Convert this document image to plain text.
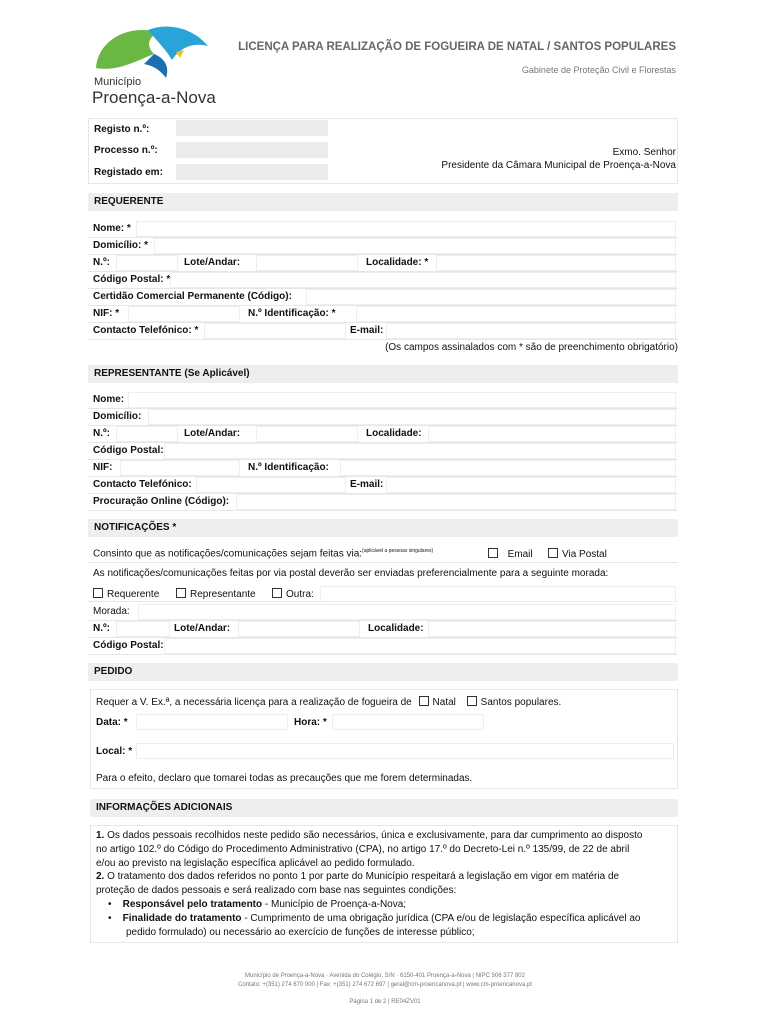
Município
Proença-a-Nova
LICENÇA PARA REALIZAÇÃO DE FOGUEIRA DE NATAL / SANTOS POPULARES
Gabinete de Proteção Civil e Florestas
Registo n.º:
Processo n.º:
Registado em:
Exmo. Senhor
Presidente da Câmara Municipal de Proença-a-Nova
REQUERENTE
Nome: *
Domicílio: *
N.º:	Lote/Andar:	Localidade: *
Código Postal: *
Certidão Comercial Permanente (Código):
NIF: *	N.º Identificação: *
Contacto Telefónico: *	E-mail:
(Os campos assinalados com * são de preenchimento obrigatório)
REPRESENTANTE (Se Aplicável)
Nome:
Domicílio:
N.º:	Lote/Andar:	Localidade:
Código Postal:
NIF:	N.º Identificação:
Contacto Telefónico:	E-mail:
Procuração Online (Código):
NOTIFICAÇÕES *
Consinto que as notificações/comunicações sejam feitas via:$^{(aplicável a pessoas singulares)}$	Email	Via Postal
As notificações/comunicações feitas por via postal deverão ser enviadas preferencialmente para a seguinte morada:
Requerente	Representante	Outra:
Morada:
N.º:	Lote/Andar:	Localidade:
Código Postal:
PEDIDO
Requer a V. Ex.ª, a necessária licença para a realização de fogueira de Natal Santos populares.
Data: *	Hora: *
Local: *
Para o efeito, declaro que tomarei todas as precauções que me forem determinadas.
INFORMAÇÕES ADICIONAIS
1. Os dados pessoais recolhidos neste pedido são necessários, única e exclusivamente, para dar cumprimento ao disposto
no artigo 102.º do Código do Procedimento Administrativo (CPA), no artigo 17.º do Decreto-Lei n.º 135/99, de 22 de abril
e/ou ao previsto na legislação específica aplicável ao pedido formulado.
2. O tratamento dos dados referidos no ponto 1 por parte do Município respeitará a legislação em vigor em matéria de
proteção de dados pessoais e será realizado com base nas seguintes condições:
• Responsável pelo tratamento - Município de Proença-a-Nova;
• Finalidade do tratamento - Cumprimento de uma obrigação jurídica (CPA e/ou de legislação específica aplicável ao
pedido formulado) ou necessário ao exercício de funções de interesse público;
Município de Proença-a-Nova · Avenida do Colégio, S/N · 6150-401 Proença-a-Nova | NIPC 506 377 802
Contato: +(351) 274 670 000 | Fax: +(351) 274 672 697 | geral@cm-proencanova.pt | www.cm-proencanova.pt
Página 1 de 2 | RE04ZV01
